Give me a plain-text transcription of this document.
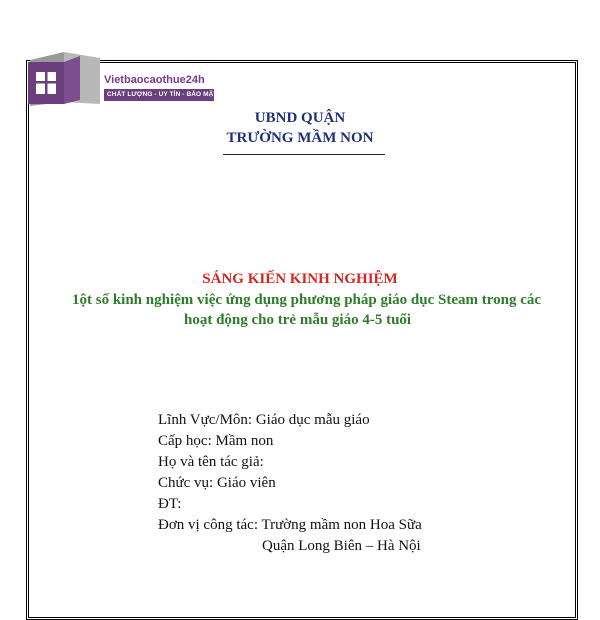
Vietbaocaothue24h
CHẤT LƯỢNG - UY TÍN - BẢO MẬT
UBND QUẬN
TRƯỜNG MẦM NON
SÁNG KIẾN KINH NGHIỆM
1ột số kinh nghiệm việc ứng dụng phương pháp giáo dục Steam trong các
hoạt động cho trẻ mẫu giáo 4-5 tuổi
Lĩnh Vực/Môn: Giáo dục mẫu giáo
Cấp học: Mầm non
Họ và tên tác giả:
Chức vụ: Giáo viên
ĐT:
Đơn vị công tác: Trường mầm non Hoa Sữa
Quận Long Biên – Hà Nội
